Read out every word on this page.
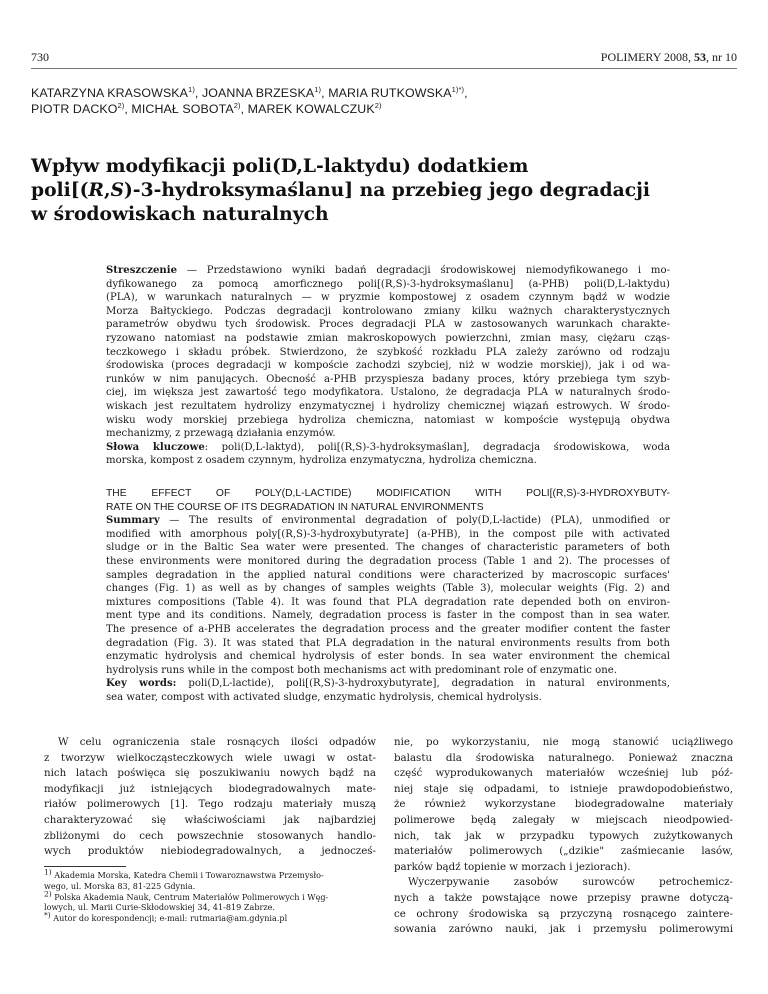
730	POLIMERY 2008, 53, nr 10
KATARZYNA KRASOWSKA$^{1)}$, JOANNA BRZESKA$^{1)}$, MARIA $RUTKOWSKA^{1)*)}$,
PIOTR DACKO$^{2)}$, MICHAŁ SOBOTA$^{2)}$, MAREK KOWALCZUK$^{2)}$
Wpływ modyfikacji poli(D,L-laktydu) dodatkiem
poli[(R,S)-3-hydroksymaślanu] na przebieg jego degradacji
w środowiskach naturalnych
Streszczenie — Przedstawiono wyniki badań degradacji środowiskowej niemodyfikowanego i mo-
dyfikowanego za pomocą amorficznego poli[(R,S)-3-hydroksymaślanu] (a-PHB) poli(D,L-laktydu)
(PLA), w warunkach naturalnych — w pryzmie kompostowej z osadem czynnym bądź w wodzie
Morza Bałtyckiego. Podczas degradacji kontrolowano zmiany kilku ważnych charakterystycznych
parametrów obydwu tych środowisk. Proces degradacji PLA w zastosowanych warunkach charakte-
ryzowano natomiast na podstawie zmian makroskopowych powierzchni, zmian masy, ciężaru cząs-
teczkowego i składu próbek. Stwierdzono, że szybkość rozkładu PLA zależy zarówno od rodzaju
środowiska (proces degradacji w kompoście zachodzi szybciej, niż w wodzie morskiej), jak i od wa-
runków w nim panujących. Obecność a-PHB przyspiesza badany proces, który przebiega tym szyb-
ciej, im większa jest zawartość tego modyfikatora. Ustalono, że degradacja PLA w naturalnych środo-
wiskach jest rezultatem hydrolizy enzymatycznej i hydrolizy chemicznej wiązań estrowych. W środo-
wisku wody morskiej przebiega hydroliza chemiczna, natomiast w kompoście występują obydwa
mechanizmy, z przewagą działania enzymów.
Słowa kluczowe: poli(D,L-laktyd), poli[(R,S)-3-hydroksymaślan], degradacja środowiskowa, woda
morska, kompost z osadem czynnym, hydroliza enzymatyczna, hydroliza chemiczna.
THE EFFECT OF POLY(D,L-LACTIDE) MODIFICATION WITH POLI[(R,S)-3-HYDROXYBUTY-
RATE ON THE COURSE OF ITS DEGRADATION IN NATURAL ENVIRONMENTS
Summary — The results of environmental degradation of poly(D,L-lactide) (PLA), unmodified or
modified with amorphous poly[(R,S)-3-hydroxybutyrate] (a-PHB), in the compost pile with activated
sludge or in the Baltic Sea water were presented. The changes of characteristic parameters of both
these environments were monitored during the degradation process (Table 1 and 2). The processes of
samples degradation in the applied natural conditions were characterized by macroscopic surfaces'
changes (Fig. 1) as well as by changes of samples weights (Table 3), molecular weights (Fig. 2) and
mixtures compositions (Table 4). It was found that PLA degradation rate depended both on environ-
ment type and its conditions. Namely, degradation process is faster in the compost than in sea water.
The presence of a-PHB accelerates the degradation process and the greater modifier content the faster
degradation (Fig. 3). It was stated that PLA degradation in the natural environments results from both
enzymatic hydrolysis and chemical hydrolysis of ester bonds. In sea water environment the chemical
hydrolysis runs while in the compost both mechanisms act with predominant role of enzymatic one.
Key words: poli(D,L-lactide), poli[(R,S)-3-hydroxybutyrate], degradation in natural environments,
sea water, compost with activated sludge, enzymatic hydrolysis, chemical hydrolysis.
W celu ograniczenia stale rosnących ilości odpadów
z tworzyw wielkocząsteczkowych wiele uwagi w ostat-
nich latach poświęca się poszukiwaniu nowych bądź na
modyfikacji już istniejących biodegradowalnych mate-
riałów polimerowych [1]. Tego rodzaju materiały muszą
charakteryzować się właściwościami jak najbardziej
zbliżonymi do cech powszechnie stosowanych handlo-
wych produktów niebiodegradowalnych, a jednocześ-
$^{1)}$ Akademia Morska, Katedra Chemii i Towaroznawstwa Przemysło-
wego, ul. Morska 83, 81-225 Gdynia.
$^{2)}$ Polska Akademia Nauk, Centrum Materiałów Polimerowych i Węg-
lowych, ul. Marii Curie-Skłodowskiej 34, 41-819 Zabrze.
*) Autor do korespondencji; e-mail: rutmaria@am.gdynia.pl
nie, po wykorzystaniu, nie mogą stanowić uciążliwego
balastu dla środowiska naturalnego. Ponieważ znaczna
część wyprodukowanych materiałów wcześniej lub póź-
niej staje się odpadami, to istnieje prawdopodobieństwo,
że również wykorzystane biodegradowalne materiały
polimerowe będą zalegały w miejscach nieodpowied-
nich, tak jak w przypadku typowych zużytkowanych
materiałów polimerowych („dzikie" zaśmiecanie lasów,
parków bądź topienie w morzach i jeziorach).
Wyczerpywanie zasobów surowców petrochemicz-
nych a także powstające nowe przepisy prawne dotyczą-
ce ochrony środowiska są przyczyną rosnącego zaintere-
sowania zarówno nauki, jak i przemysłu polimerowymi
